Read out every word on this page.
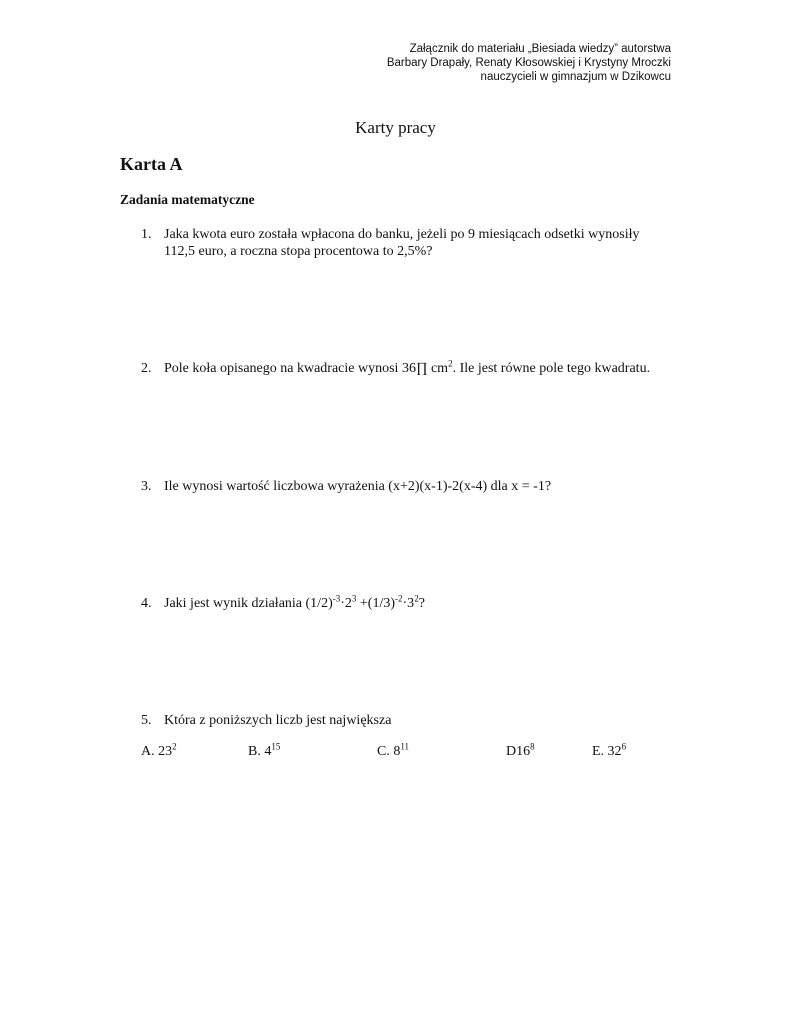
Załącznik do materiału „Biesiada wiedzy” autorstwa
Barbary Drapały, Renaty Kłosowskiej i Krystyny Mroczki
nauczycieli w gimnazjum w Dzikowcu
Karty pracy
Karta A
Zadania matematyczne
1. Jaka kwota euro została wpłacona do banku, jeżeli po 9 miesiącach odsetki wynosiły
112,5 euro, a roczna stopa procentowa to 2,5%?
2. Pole koła opisanego na kwadracie wynosi 36∏ $cm^2$. Ile jest równe pole tego kwadratu.
3. Ile wynosi wartość liczbowa wyrażenia (x+2)(x-1)-2(x-4) dla x = -1?
4. Jaki jest wynik działania $(1/2)^{-3}\cdot 2^3 +(1/3)^{-2}\cdot 3^2$?
5. Która z poniższych liczb jest największa
A. $23^2$	B. $4^{15}$	C. $8^{11}$	$D16^8$	E. $32^6$
